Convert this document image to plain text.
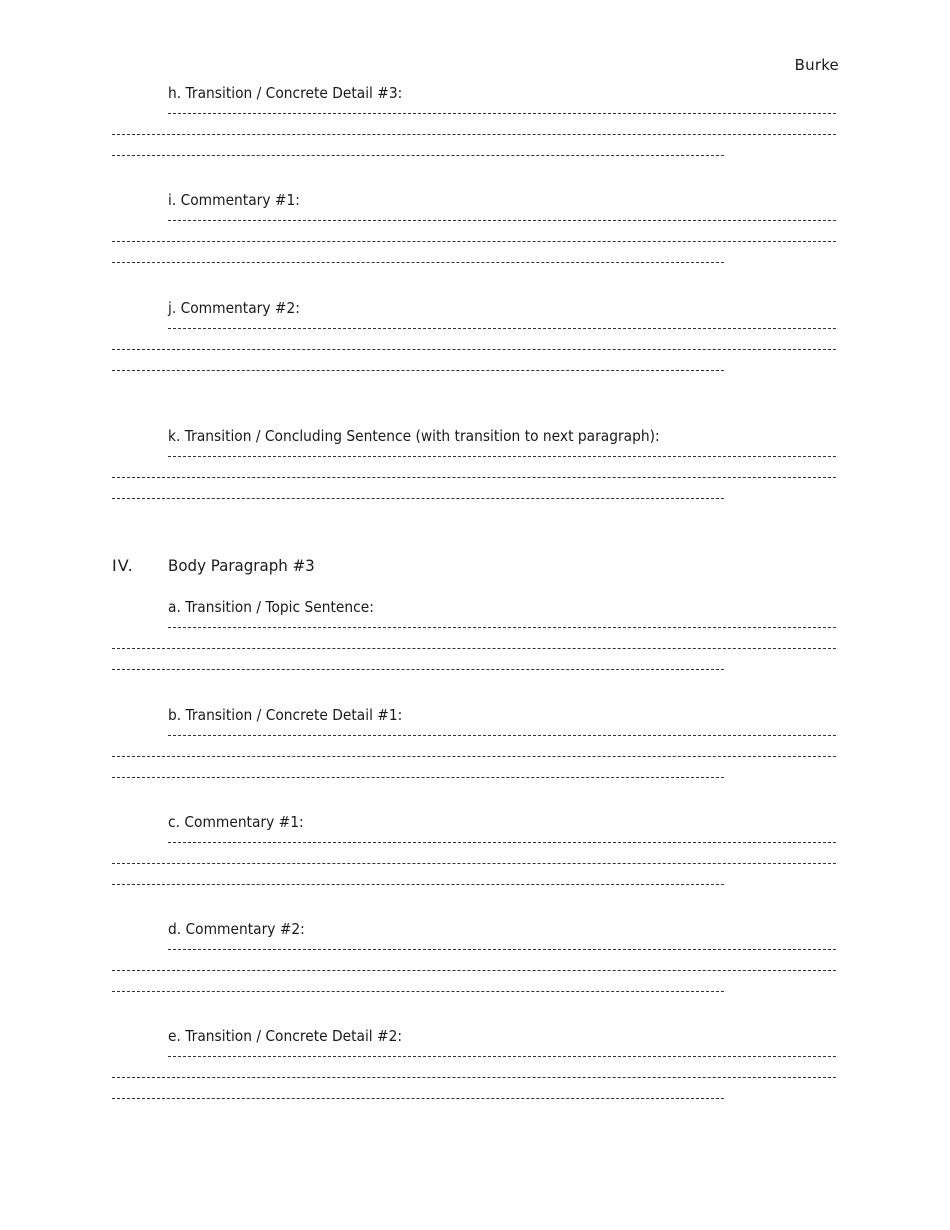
Burke
h. Transition / Concrete Detail #3:
i. Commentary #1:
j. Commentary #2:
k. Transition / Concluding Sentence (with transition to next paragraph):
IV. Body Paragraph #3
a. Transition / Topic Sentence:
b. Transition / Concrete Detail #1:
c. Commentary #1:
d. Commentary #2:
e. Transition / Concrete Detail #2:
